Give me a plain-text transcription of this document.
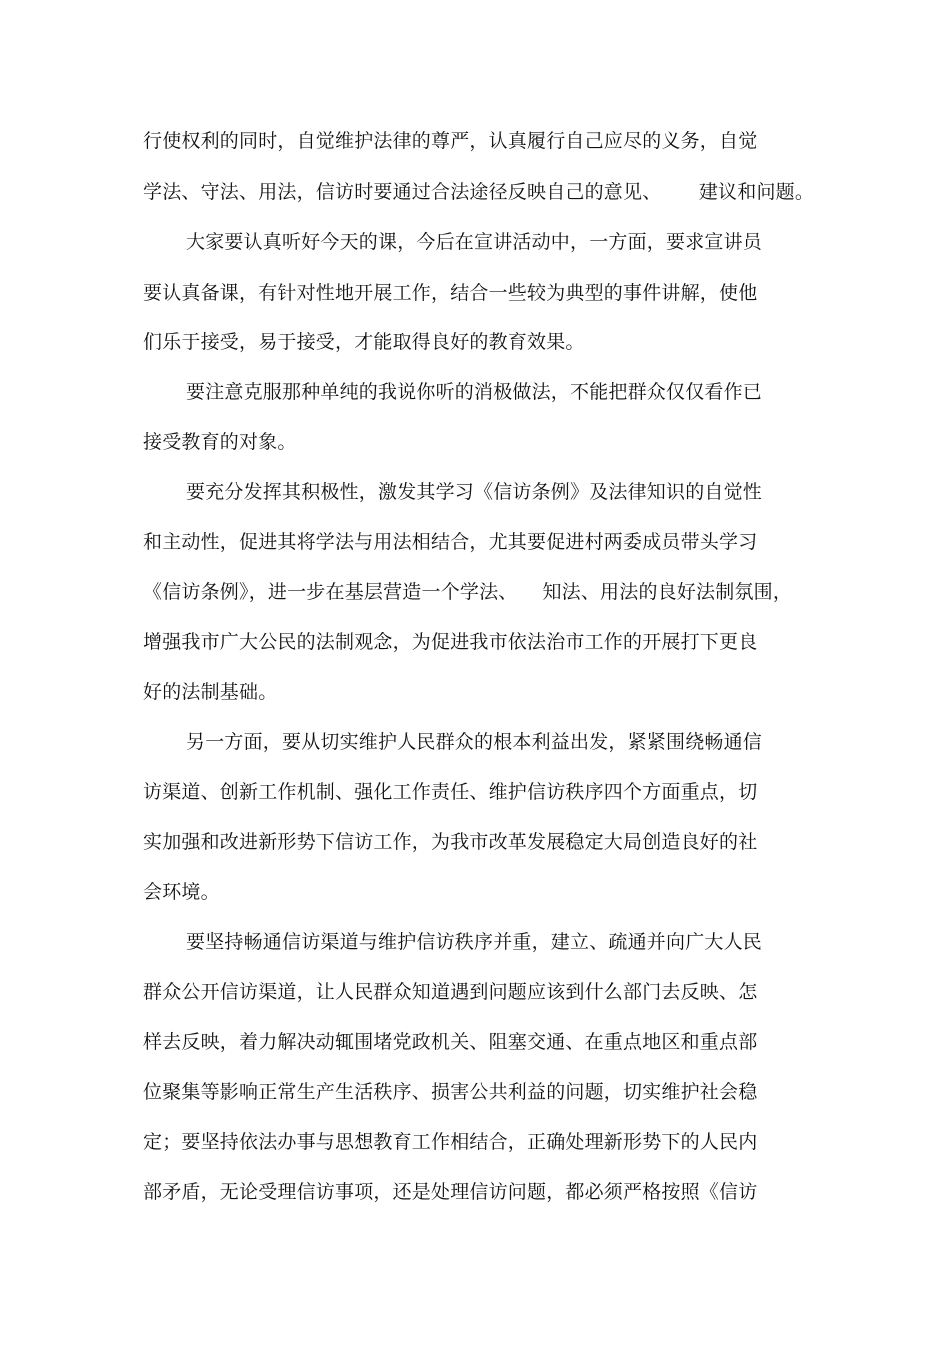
行使权利的同时，自觉维护法律的尊严，认真履行自己应尽的义务，自觉
学法、守法、用法，信访时要通过合法途径反映自己的意见、      建议和问题。
大家要认真听好今天的课，今后在宣讲活动中，一方面，要求宣讲员
要认真备课，有针对性地开展工作，结合一些较为典型的事件讲解，使他
们乐于接受，易于接受，才能取得良好的教育效果。
要注意克服那种单纯的我说你听的消极做法，不能把群众仅仅看作已
接受教育的对象。
要充分发挥其积极性，激发其学习《信访条例》及法律知识的自觉性
和主动性，促进其将学法与用法相结合，尤其要促进村两委成员带头学习
《信访条例》，进一步在基层营造一个学法、    知法、用法的良好法制氛围，
增强我市广大公民的法制观念，为促进我市依法治市工作的开展打下更良
好的法制基础。
另一方面，要从切实维护人民群众的根本利益出发，紧紧围绕畅通信
访渠道、创新工作机制、强化工作责任、维护信访秩序四个方面重点，切
实加强和改进新形势下信访工作，为我市改革发展稳定大局创造良好的社
会环境。
要坚持畅通信访渠道与维护信访秩序并重，建立、疏通并向广大人民
群众公开信访渠道，让人民群众知道遇到问题应该到什么部门去反映、怎
样去反映，着力解决动辄围堵党政机关、阻塞交通、在重点地区和重点部
位聚集等影响正常生产生活秩序、损害公共利益的问题，切实维护社会稳
定；要坚持依法办事与思想教育工作相结合，正确处理新形势下的人民内
部矛盾，无论受理信访事项，还是处理信访问题，都必须严格按照《信访
